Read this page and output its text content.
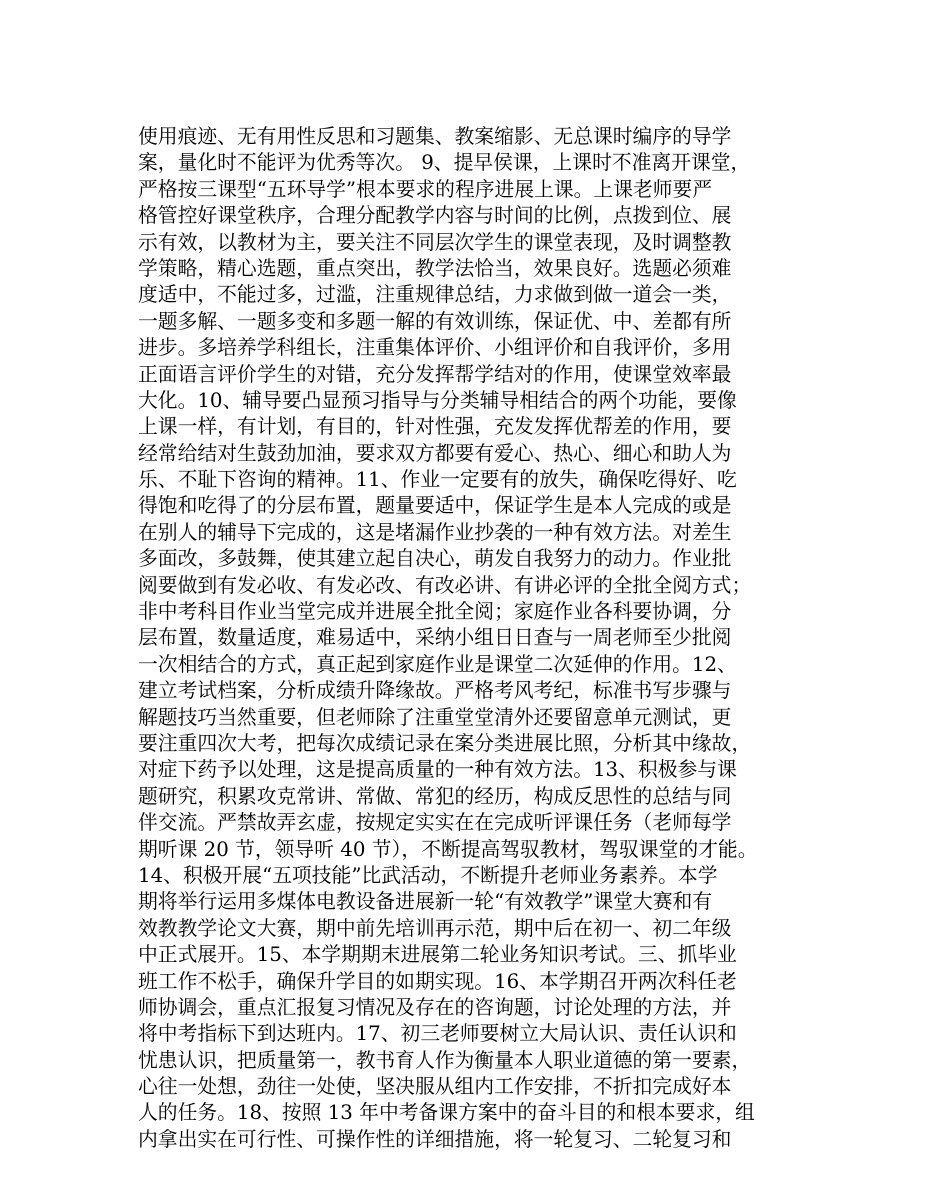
使用痕迹、无有用性反思和习题集、教案缩影、无总课时编序的导学
案，量化时不能评为优秀等次。 9、提早侯课，上课时不准离开课堂，
严格按三课型“五环导学”根本要求的程序进展上课。上课老师要严
格管控好课堂秩序，合理分配教学内容与时间的比例，点拨到位、展
示有效，以教材为主，要关注不同层次学生的课堂表现，及时调整教
学策略，精心选题，重点突出，教学法恰当，效果良好。选题必须难
度适中，不能过多，过滥，注重规律总结，力求做到做一道会一类，
一题多解、一题多变和多题一解的有效训练，保证优、中、差都有所
进步。多培养学科组长，注重集体评价、小组评价和自我评价，多用
正面语言评价学生的对错，充分发挥帮学结对的作用，使课堂效率最
大化。10、辅导要凸显预习指导与分类辅导相结合的两个功能，要像
上课一样，有计划，有目的，针对性强，充发发挥优帮差的作用，要
经常给结对生鼓劲加油，要求双方都要有爱心、热心、细心和助人为
乐、不耻下咨询的精神。11、作业一定要有的放失，确保吃得好、吃
得饱和吃得了的分层布置，题量要适中，保证学生是本人完成的或是
在别人的辅导下完成的，这是堵漏作业抄袭的一种有效方法。对差生
多面改，多鼓舞，使其建立起自决心，萌发自我努力的动力。作业批
阅要做到有发必收、有发必改、有改必讲、有讲必评的全批全阅方式；
非中考科目作业当堂完成并进展全批全阅；家庭作业各科要协调，分
层布置，数量适度，难易适中，采纳小组日日查与一周老师至少批阅
一次相结合的方式，真正起到家庭作业是课堂二次延伸的作用。12、
建立考试档案，分析成绩升降缘故。严格考风考纪，标准书写步骤与
解题技巧当然重要，但老师除了注重堂堂清外还要留意单元测试，更
要注重四次大考，把每次成绩记录在案分类进展比照，分析其中缘故，
对症下药予以处理，这是提高质量的一种有效方法。13、积极参与课
题研究，积累攻克常讲、常做、常犯的经历，构成反思性的总结与同
伴交流。严禁故弄玄虚，按规定实实在在完成听评课任务（老师每学
期听课 20 节，领导听 40 节），不断提高驾驭教材，驾驭课堂的才能。
14、积极开展“五项技能”比武活动，不断提升老师业务素养。本学
期将举行运用多煤体电教设备进展新一轮“有效教学”课堂大赛和有
效教教学论文大赛，期中前先培训再示范，期中后在初一、初二年级
中正式展开。15、本学期期末进展第二轮业务知识考试。三、抓毕业
班工作不松手，确保升学目的如期实现。16、本学期召开两次科任老
师协调会，重点汇报复习情况及存在的咨询题，讨论处理的方法，并
将中考指标下到达班内。17、初三老师要树立大局认识、责任认识和
忧患认识，把质量第一，教书育人作为衡量本人职业道德的第一要素，
心往一处想，劲往一处使，坚决服从组内工作安排，不折扣完成好本
人的任务。18、按照 13 年中考备课方案中的奋斗目的和根本要求，组
内拿出实在可行性、可操作性的详细措施，将一轮复习、二轮复习和
